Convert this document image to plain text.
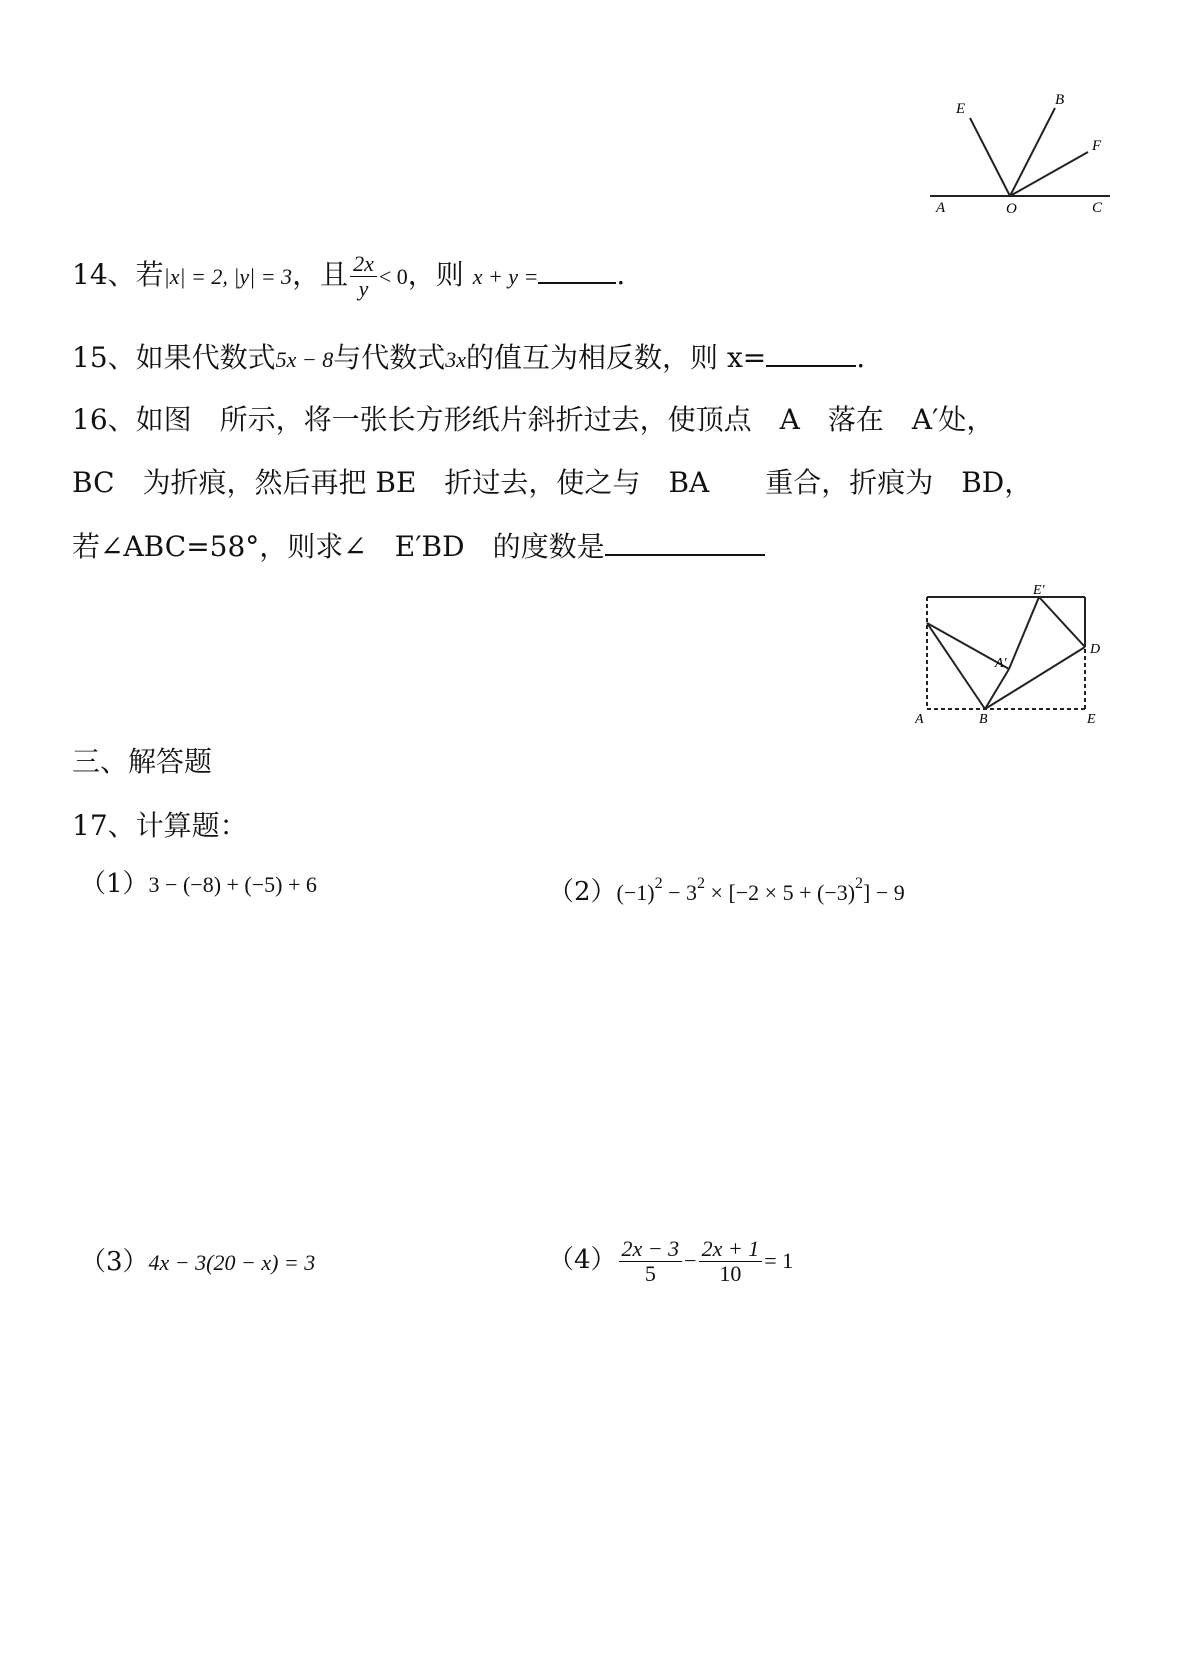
A	O	C
E
B
F
14、若|x| = 2, |y| = 3，且 $\frac{2x}{y} < 0$，则 x + y =	.
15、如果代数式5x − 8与代数式3x的值互为相反数，则 x=	.
16、如图　所示，将一张长方形纸片斜折过去，使顶点　A　落在　A′处，
BC　为折痕，然后再把 BE　折过去，使之与　BA　　重合，折痕为　BD，
若∠ABC=58°，则求∠　E′BD　的度数是
E′
A′
D
A	B	E
三、解答题
17、计算题：
（1）3 − (−8) + (−5) + 6	$(2)(-1)^2 - 3^2 \times [-2 \times 5 + (-3)^2] - 9$
（3）4x − 3(20 − x) = 3	$(4) \frac{2x - 3}{5} - \frac{2x + 1}{10} = 1$
